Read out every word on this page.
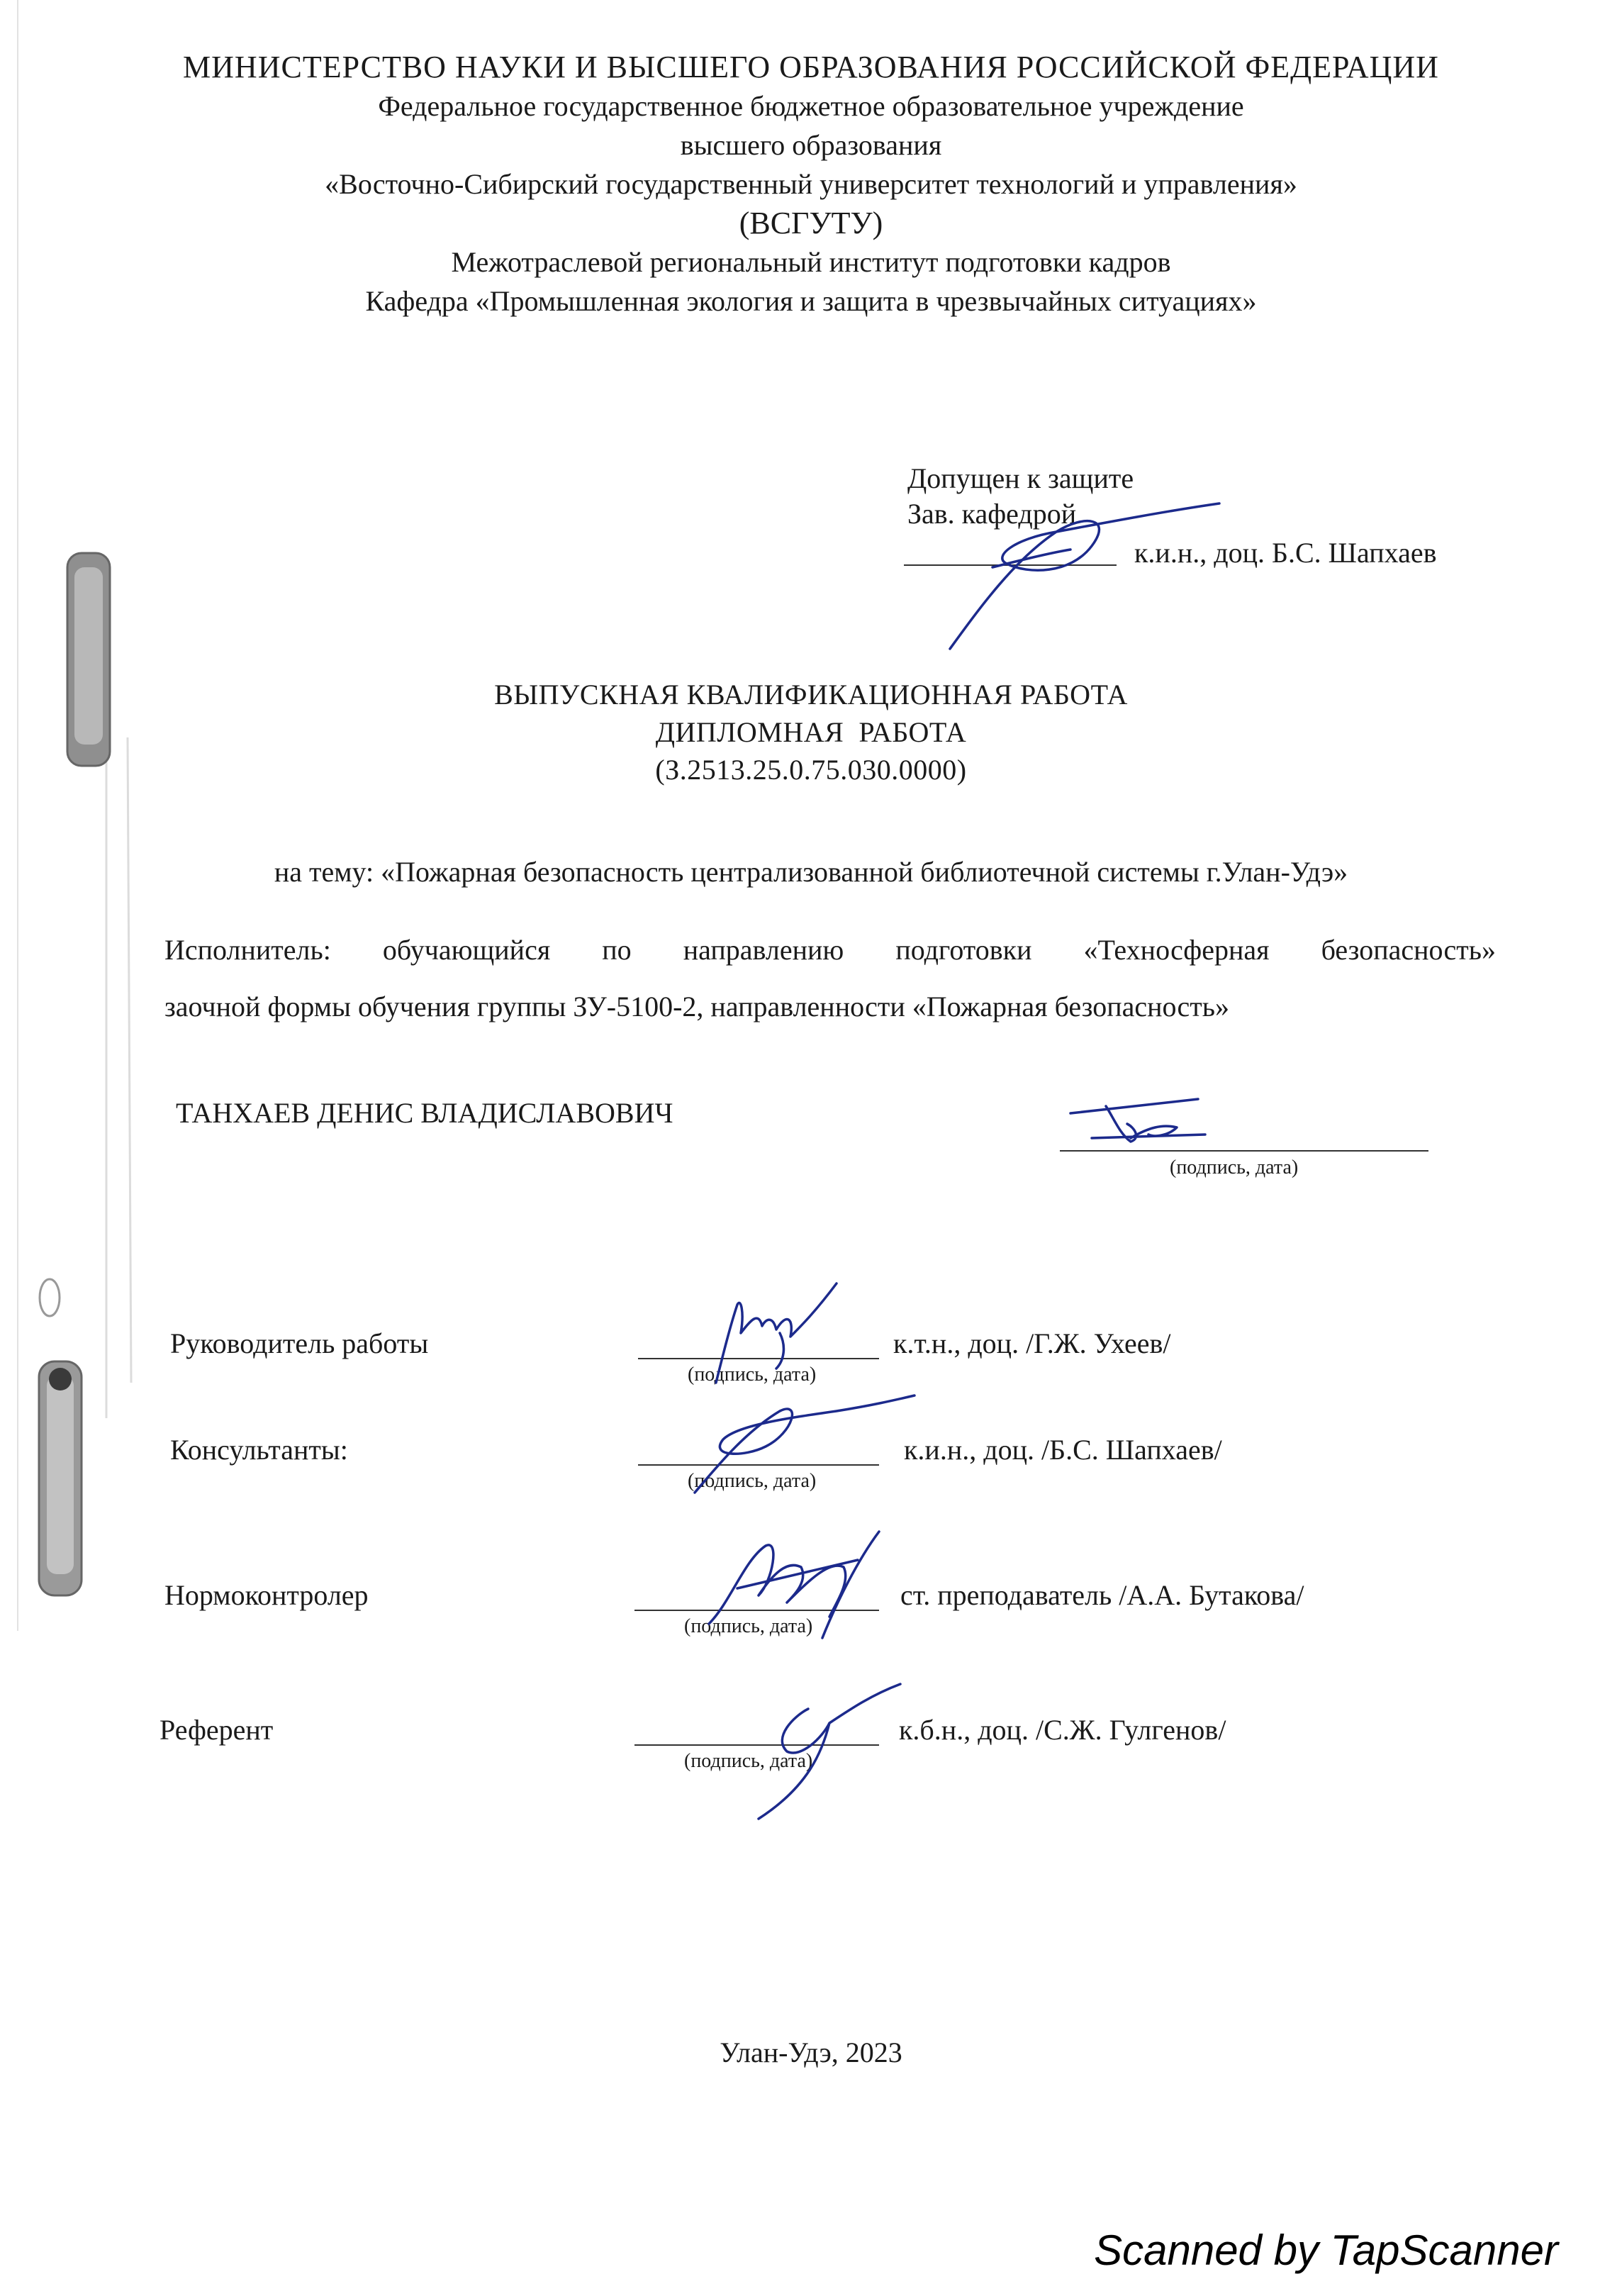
МИНИСТЕРСТВО НАУКИ И ВЫСШЕГО ОБРАЗОВАНИЯ РОССИЙСКОЙ ФЕДЕРАЦИИ
Федеральное государственное бюджетное образовательное учреждение
высшего образования
«Восточно-Сибирский государственный университет технологий и управления»
(ВСГУТУ)
Межотраслевой региональный институт подготовки кадров
Кафедра «Промышленная экология и защита в чрезвычайных ситуациях»
Допущен к защите
Зав. кафедрой
к.и.н., доц. Б.С. Шапхаев
ВЫПУСКНАЯ КВАЛИФИКАЦИОННАЯ РАБОТА
ДИПЛОМНАЯ  РАБОТА
(З.2513.25.0.75.030.0000)
на тему: «Пожарная безопасность централизованной библиотечной системы г.Улан-Удэ»
Исполнитель: обучающийся по направлению подготовки «Техносферная безопасность»
заочной формы обучения группы ЗУ-5100-2, направленности «Пожарная безопасность»
ТАНХАЕВ ДЕНИС ВЛАДИСЛАВОВИЧ
(подпись, дата)
Руководитель работы
(подпись, дата)
к.т.н., доц. /Г.Ж. Ухеев/
Консультанты:
(подпись, дата)
к.и.н., доц. /Б.С. Шапхаев/
Нормоконтролер
(подпись, дата)
ст. преподаватель /А.А. Бутакова/
Референт
(подпись, дата)
к.б.н., доц. /С.Ж. Гулгенов/
Улан-Удэ, 2023
Scanned by TapScanner
